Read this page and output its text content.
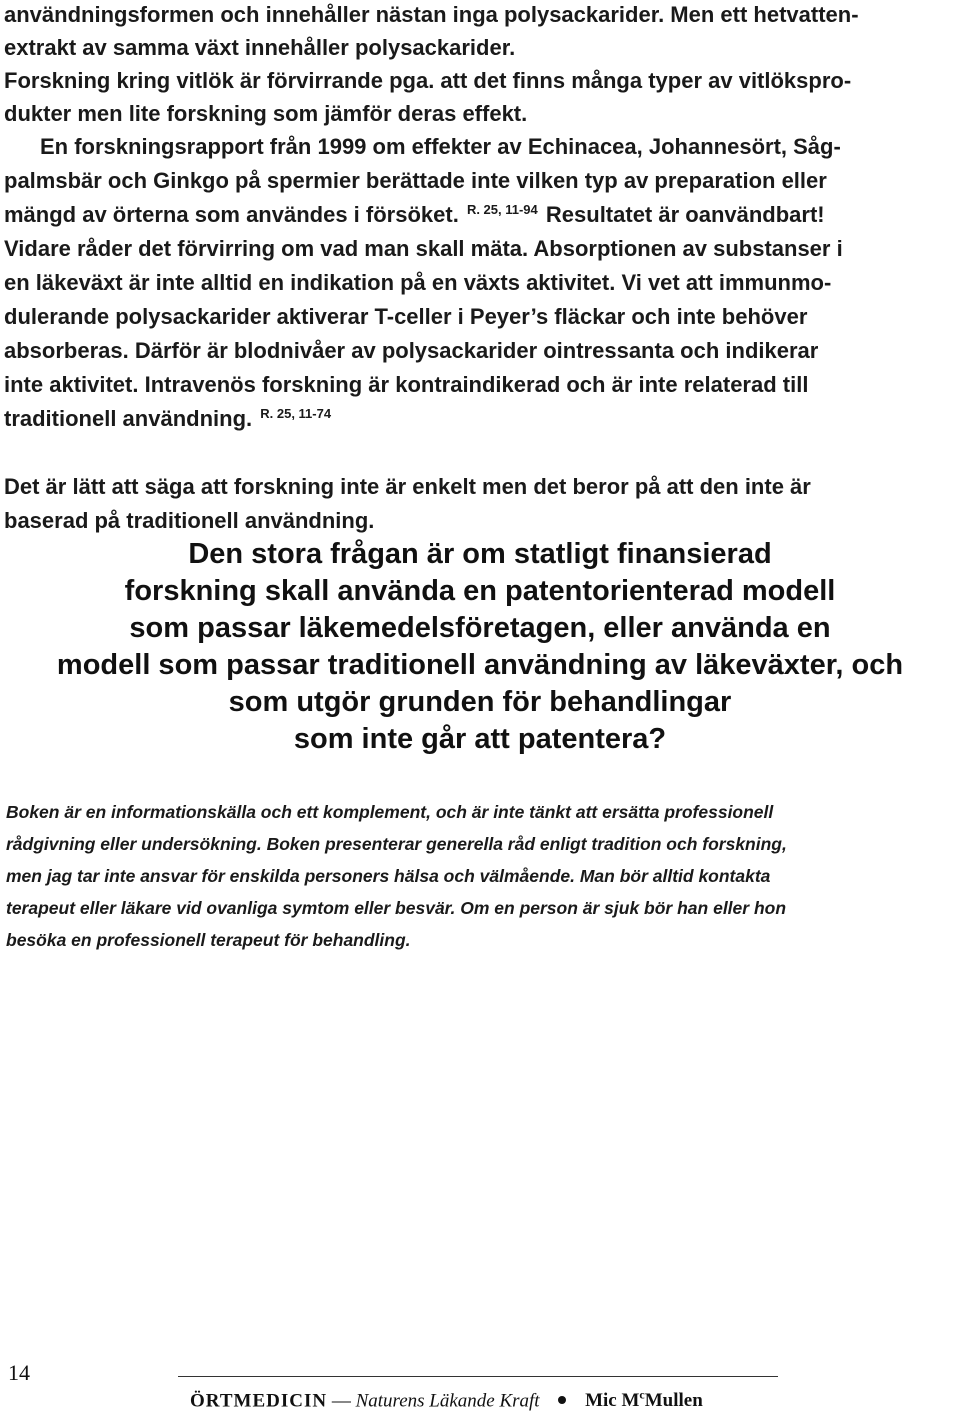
användningsformen och innehåller nästan inga polysackarider. Men ett hetvatten-
extrakt av samma växt innehåller polysackarider.
Forskning kring vitlök är förvirrande pga. att det finns många typer av vitlökspro-
dukter men lite forskning som jämför deras effekt.
En forskningsrapport från 1999 om effekter av Echinacea, Johannesört, Såg-
palmsbär och Ginkgo på spermier berättade inte vilken typ av preparation eller
mängd av örterna som användes i försöket. $^{R. 25, 11-94}$ Resultatet är oanvändbart!
Vidare råder det förvirring om vad man skall mäta. Absorptionen av substanser i
en läkeväxt är inte alltid en indikation på en växts aktivitet. Vi vet att immunmo-
dulerande polysackarider aktiverar T-celler i Peyer’s fläckar och inte behöver
absorberas. Därför är blodnivåer av polysackarider ointressanta och indikerar
inte aktivitet. Intravenös forskning är kontraindikerad och är inte relaterad till
traditionell användning. $^{R. 25, 11-74}$
Det är lätt att säga att forskning inte är enkelt men det beror på att den inte är
baserad på traditionell användning.
Den stora frågan är om statligt finansierad
forskning skall använda en patentorienterad modell
som passar läkemedelsföretagen, eller använda en
modell som passar traditionell användning av läkeväxter, och
som utgör grunden för behandlingar
som inte går att patentera?
Boken är en informationskälla och ett komplement, och är inte tänkt att ersätta professionell
rådgivning eller undersökning. Boken presenterar generella råd enligt tradition och forskning,
men jag tar inte ansvar för enskilda personers hälsa och välmående. Man bör alltid kontakta
terapeut eller läkare vid ovanliga symtom eller besvär. Om en person är sjuk bör han eller hon
besöka en professionell terapeut för behandling.
14
ÖRTMEDICIN — Naturens Läkande Kraft Mic $M^cMullen$
